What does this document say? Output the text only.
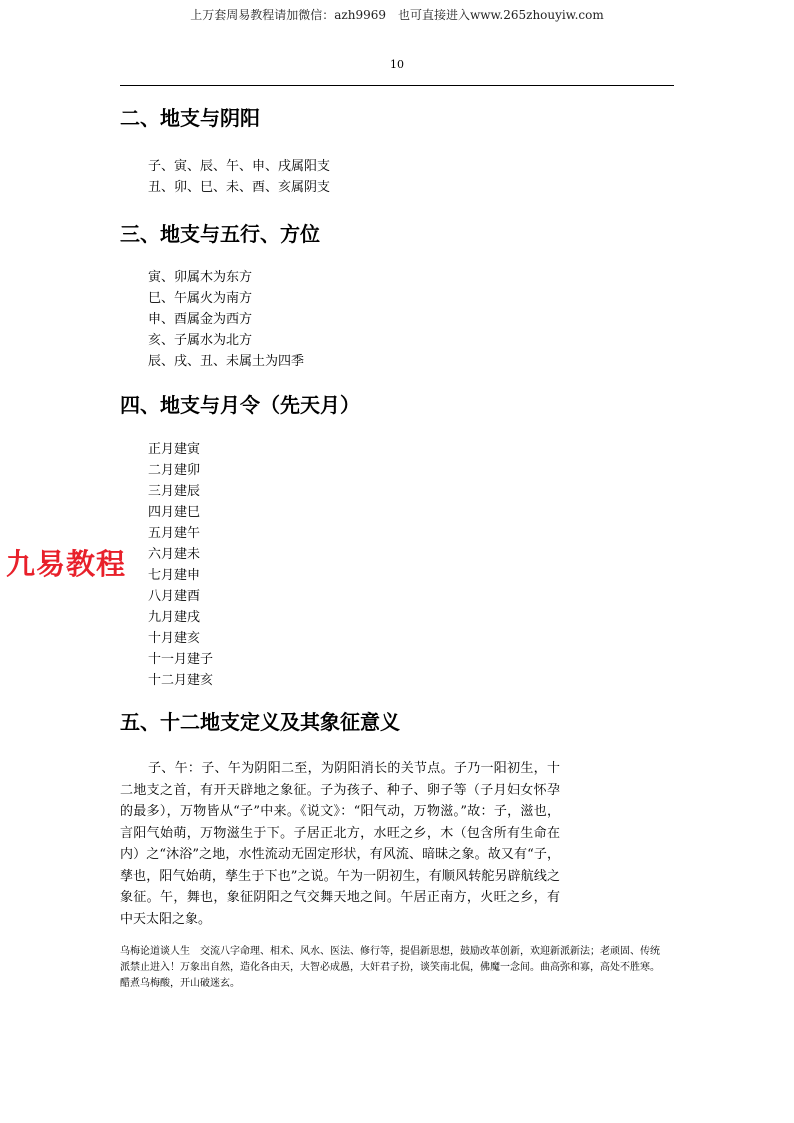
上万套周易教程请加微信：azh9969　也可直接进入www.265zhouyiw.com
10
二、地支与阴阳
子、寅、辰、午、申、戌属阳支
丑、卯、巳、未、酉、亥属阴支
三、地支与五行、方位
寅、卯属木为东方
巳、午属火为南方
申、酉属金为西方
亥、子属水为北方
辰、戌、丑、未属土为四季
四、地支与月令（先天月）
正月建寅
二月建卯
三月建辰
四月建巳
五月建午
六月建未
七月建申
八月建酉
九月建戌
十月建亥
十一月建子
十二月建亥
五、十二地支定义及其象征意义

子、午：子、午为阴阳二至，为阴阳消长的关节点。子乃一阳初生，十二地支之首，有开天辟地之象征。子为孩子、种子、卵子等（子月妇女怀孕的最多），万物皆从“子”中来。《说文》：“阳气动，万物滋。”故：子，滋也，言阳气始萌，万物滋生于下。子居正北方，水旺之乡，木（包含所有生命在内）之“沐浴”之地，水性流动无固定形状，有风流、暗昧之象。故又有“子，孳也，阳气始萌，孳生于下也”之说。午为一阴初生，有顺风转舵另辟航线之象征。午，舞也，象征阴阳之气交舞天地之间。午居正南方，火旺之乡，有中天太阳之象。

乌梅论道谈人生　交流八字命理、相术、风水、医法、修行等，提倡新思想，鼓励改革创新，欢迎新派新法；老顽固、传统派禁止进入！万象出自然，造化各由天，大智必成愚，大奸君子扮，谈笑南北侃，佛魔一念间。曲高弥和寡，高处不胜寒。醋煮乌梅酸，开山破迷玄。

九易教程
